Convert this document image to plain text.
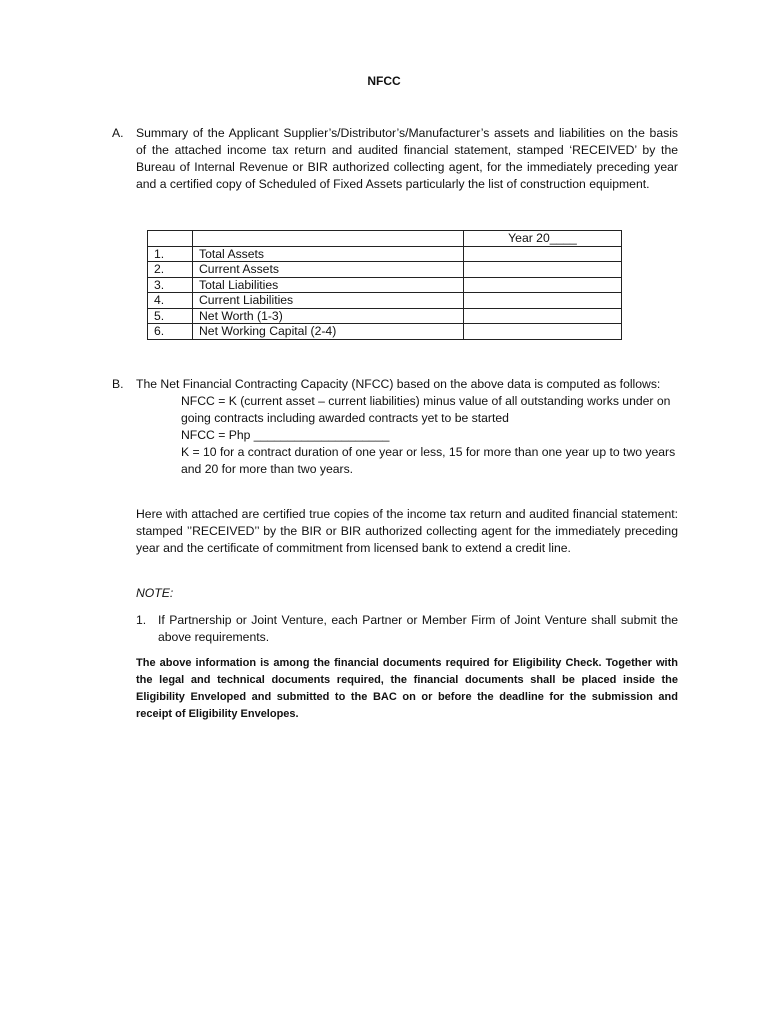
NFCC
A. Summary of the Applicant Supplier’s/Distributor’s/Manufacturer’s assets and liabilities on the basis of the attached income tax return and audited financial statement, stamped ‘RECEIVED’ by the Bureau of Internal Revenue or BIR authorized collecting agent, for the immediately preceding year and a certified copy of Scheduled of Fixed Assets particularly the list of construction equipment.

		Year 20____
1.	Total Assets	
2.	Current Assets	
3.	Total Liabilities	
4.	Current Liabilities	
5.	Net Worth (1-3)	
6.	Net Working Capital (2-4)	
B. The Net Financial Contracting Capacity (NFCC) based on the above data is computed as follows:

NFCC = K (current asset – current liabilities) minus value of all outstanding works under on going contracts including awarded contracts yet to be started

NFCC = Php ____________________

K = 10 for a contract duration of one year or less, 15 for more than one year up to two years and 20 for more than two years.

Here with attached are certified true copies of the income tax return and audited financial statement: stamped ’’RECEIVED’’ by the BIR or BIR authorized collecting agent for the immediately preceding year and the certificate of commitment from licensed bank to extend a credit line.

NOTE:
1. If Partnership or Joint Venture, each Partner or Member Firm of Joint Venture shall submit the above requirements.

The above information is among the financial documents required for Eligibility Check. Together with the legal and technical documents required, the financial documents shall be placed inside the Eligibility Enveloped and submitted to the BAC on or before the deadline for the submission and receipt of Eligibility Envelopes.
